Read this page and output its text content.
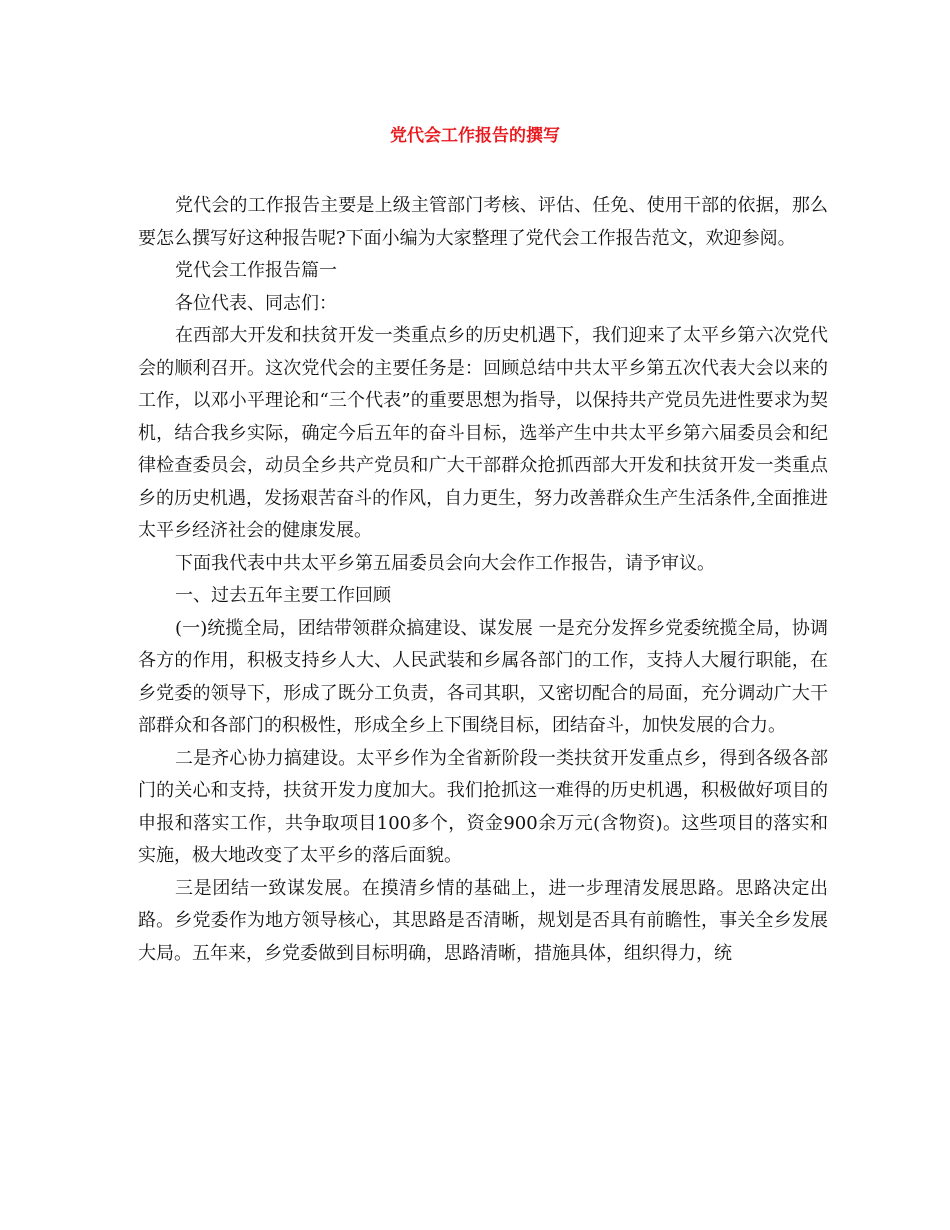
党代会工作报告的撰写

党代会的工作报告主要是上级主管部门考核、评估、任免、使用干部的依据，那么要怎么撰写好这种报告呢?下面小编为大家整理了党代会工作报告范文，欢迎参阅。

党代会工作报告篇一

各位代表、同志们：

在西部大开发和扶贫开发一类重点乡的历史机遇下，我们迎来了太平乡第六次党代会的顺利召开。这次党代会的主要任务是：回顾总结中共太平乡第五次代表大会以来的工作，以邓小平理论和“三个代表”的重要思想为指导，以保持共产党员先进性要求为契机，结合我乡实际，确定今后五年的奋斗目标，选举产生中共太平乡第六届委员会和纪律检查委员会，动员全乡共产党员和广大干部群众抢抓西部大开发和扶贫开发一类重点乡的历史机遇，发扬艰苦奋斗的作风，自力更生，努力改善群众生产生活条件,全面推进太平乡经济社会的健康发展。

下面我代表中共太平乡第五届委员会向大会作工作报告，请予审议。

一、过去五年主要工作回顾

(一)统揽全局，团结带领群众搞建设、谋发展 一是充分发挥乡党委统揽全局，协调各方的作用，积极支持乡人大、人民武装和乡属各部门的工作，支持人大履行职能，在乡党委的领导下，形成了既分工负责，各司其职，又密切配合的局面，充分调动广大干部群众和各部门的积极性，形成全乡上下围绕目标，团结奋斗，加快发展的合力。

二是齐心协力搞建设。太平乡作为全省新阶段一类扶贫开发重点乡，得到各级各部门的关心和支持，扶贫开发力度加大。我们抢抓这一难得的历史机遇，积极做好项目的申报和落实工作，共争取项目100多个，资金900余万元(含物资)。这些项目的落实和实施，极大地改变了太平乡的落后面貌。

三是团结一致谋发展。在摸清乡情的基础上，进一步理清发展思路。思路决定出路。乡党委作为地方领导核心，其思路是否清晰，规划是否具有前瞻性，事关全乡发展大局。五年来，乡党委做到目标明确，思路清晰，措施具体，组织得力，统
